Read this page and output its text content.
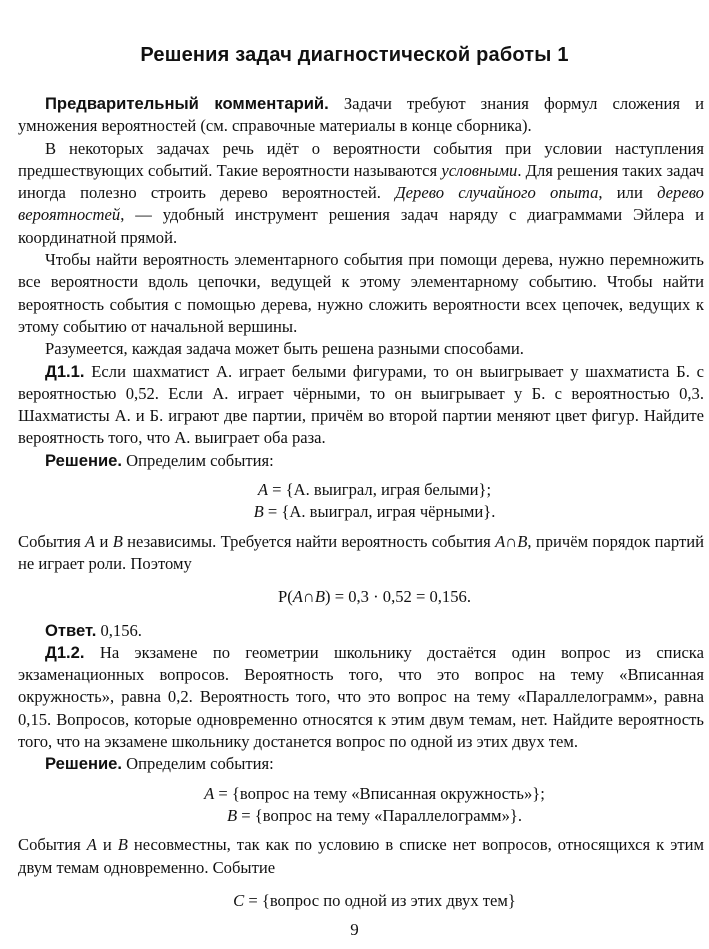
Решения задач диагностической работы 1

Предварительный комментарий. Задачи требуют знания формул сложения и умножения вероятностей (см. справочные материалы в конце сборника).

В некоторых задачах речь идёт о вероятности события при условии наступления предшествующих событий. Такие вероятности называются условными. Для решения таких задач иногда полезно строить дерево вероятностей. Дерево случайного опыта, или дерево вероятностей, — удобный инструмент решения задач наряду с диаграммами Эйлера и координатной прямой.

Чтобы найти вероятность элементарного события при помощи дерева, нужно перемножить все вероятности вдоль цепочки, ведущей к этому элементарному событию. Чтобы найти вероятность события с помощью дерева, нужно сложить вероятности всех цепочек, ведущих к этому событию от начальной вершины.

Разумеется, каждая задача может быть решена разными способами.

Д1.1. Если шахматист А. играет белыми фигурами, то он выигрывает у шахматиста Б. с вероятностью 0,52. Если А. играет чёрными, то он выигрывает у Б. с вероятностью 0,3. Шахматисты А. и Б. играют две партии, причём во второй партии меняют цвет фигур. Найдите вероятность того, что А. выиграет оба раза.

Решение. Определим события:

A = {А. выиграл, играя белыми};

B = {А. выиграл, играя чёрными}.

События A и B независимы. Требуется найти вероятность события A∩B, причём порядок партий не играет роли. Поэтому

P(A∩B) = 0,3 · 0,52 = 0,156.

Ответ. 0,156.

Д1.2. На экзамене по геометрии школьнику достаётся один вопрос из списка экзаменационных вопросов. Вероятность того, что это вопрос на тему «Вписанная окружность», равна 0,2. Вероятность того, что это вопрос на тему «Параллелограмм», равна 0,15. Вопросов, которые одновременно относятся к этим двум темам, нет. Найдите вероятность того, что на экзамене школьнику достанется вопрос по одной из этих двух тем.

Решение. Определим события:

A = {вопрос на тему «Вписанная окружность»};

B = {вопрос на тему «Параллелограмм»}.

События A и B несовместны, так как по условию в списке нет вопросов, относящихся к этим двум темам одновременно. Событие

C = {вопрос по одной из этих двух тем}

9
